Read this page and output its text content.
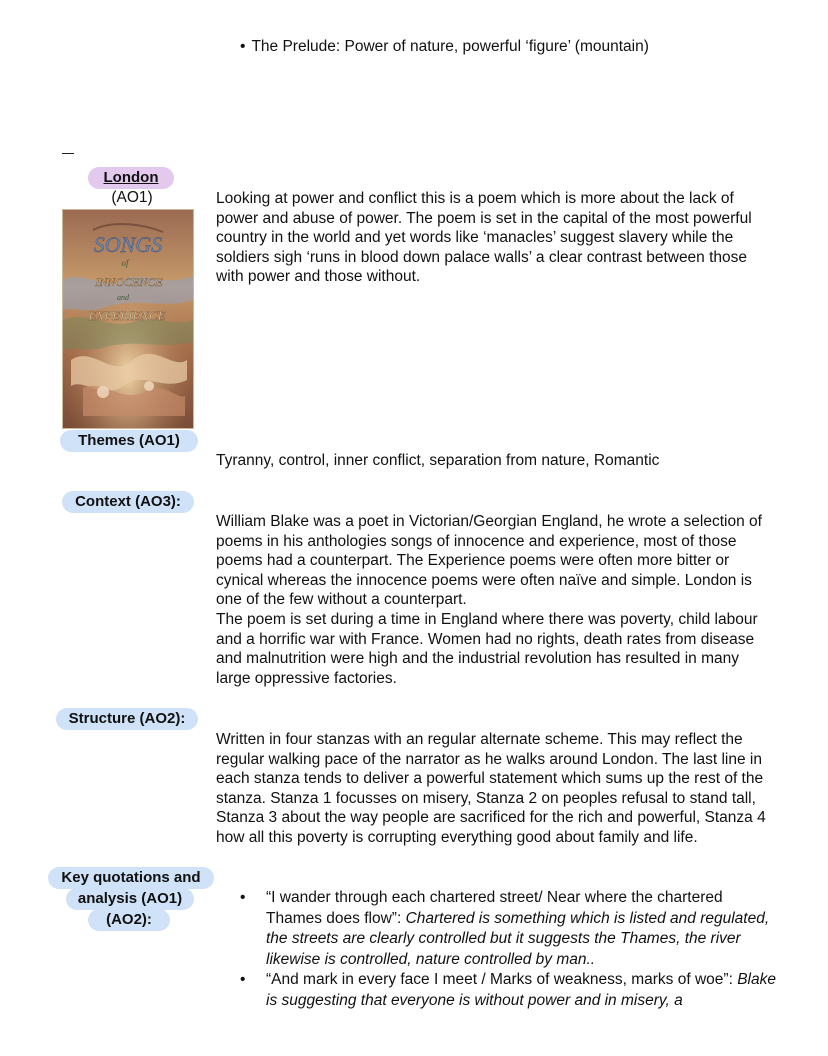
• The Prelude: Power of nature, powerful ‘figure’ (mountain)
London
(AO1)
SONGS
of
INNOCENCE
and
EXPERIENCE
Looking at power and conflict this is a poem which is more about the lack of power and abuse of power. The poem is set in the capital of the most powerful country in the world and yet words like ‘manacles’ suggest slavery while the soldiers sigh ‘runs in blood down palace walls’ a clear contrast between those with power and those without.
Themes (AO1)
Tyranny, control, inner conflict, separation from nature, Romantic
Context (AO3):
William Blake was a poet in Victorian/Georgian England, he wrote a selection of poems in his anthologies songs of innocence and experience, most of those poems had a counterpart. The Experience poems were often more bitter or cynical whereas the innocence poems were often naïve and simple. London is one of the few without a counterpart.
The poem is set during a time in England where there was poverty, child labour and a horrific war with France. Women had no rights, death rates from disease and malnutrition were high and the industrial revolution has resulted in many large oppressive factories.
Structure (AO2):
Written in four stanzas with an regular alternate scheme. This may reflect the regular walking pace of the narrator as he walks around London. The last line in each stanza tends to deliver a powerful statement which sums up the rest of the stanza. Stanza 1 focusses on misery, Stanza 2 on peoples refusal to stand tall, Stanza 3 about the way people are sacrificed for the rich and powerful, Stanza 4 how all this poverty is corrupting everything good about family and life.
Key quotations and
analysis (AO1)
(AO2):
• “I wander through each chartered street/ Near where the chartered Thames does flow”: Chartered is something which is listed and regulated, the streets are clearly controlled but it suggests the Thames, the river likewise is controlled, nature controlled by man..
• “And mark in every face I meet / Marks of weakness, marks of woe”: Blake is suggesting that everyone is without power and in misery, a
